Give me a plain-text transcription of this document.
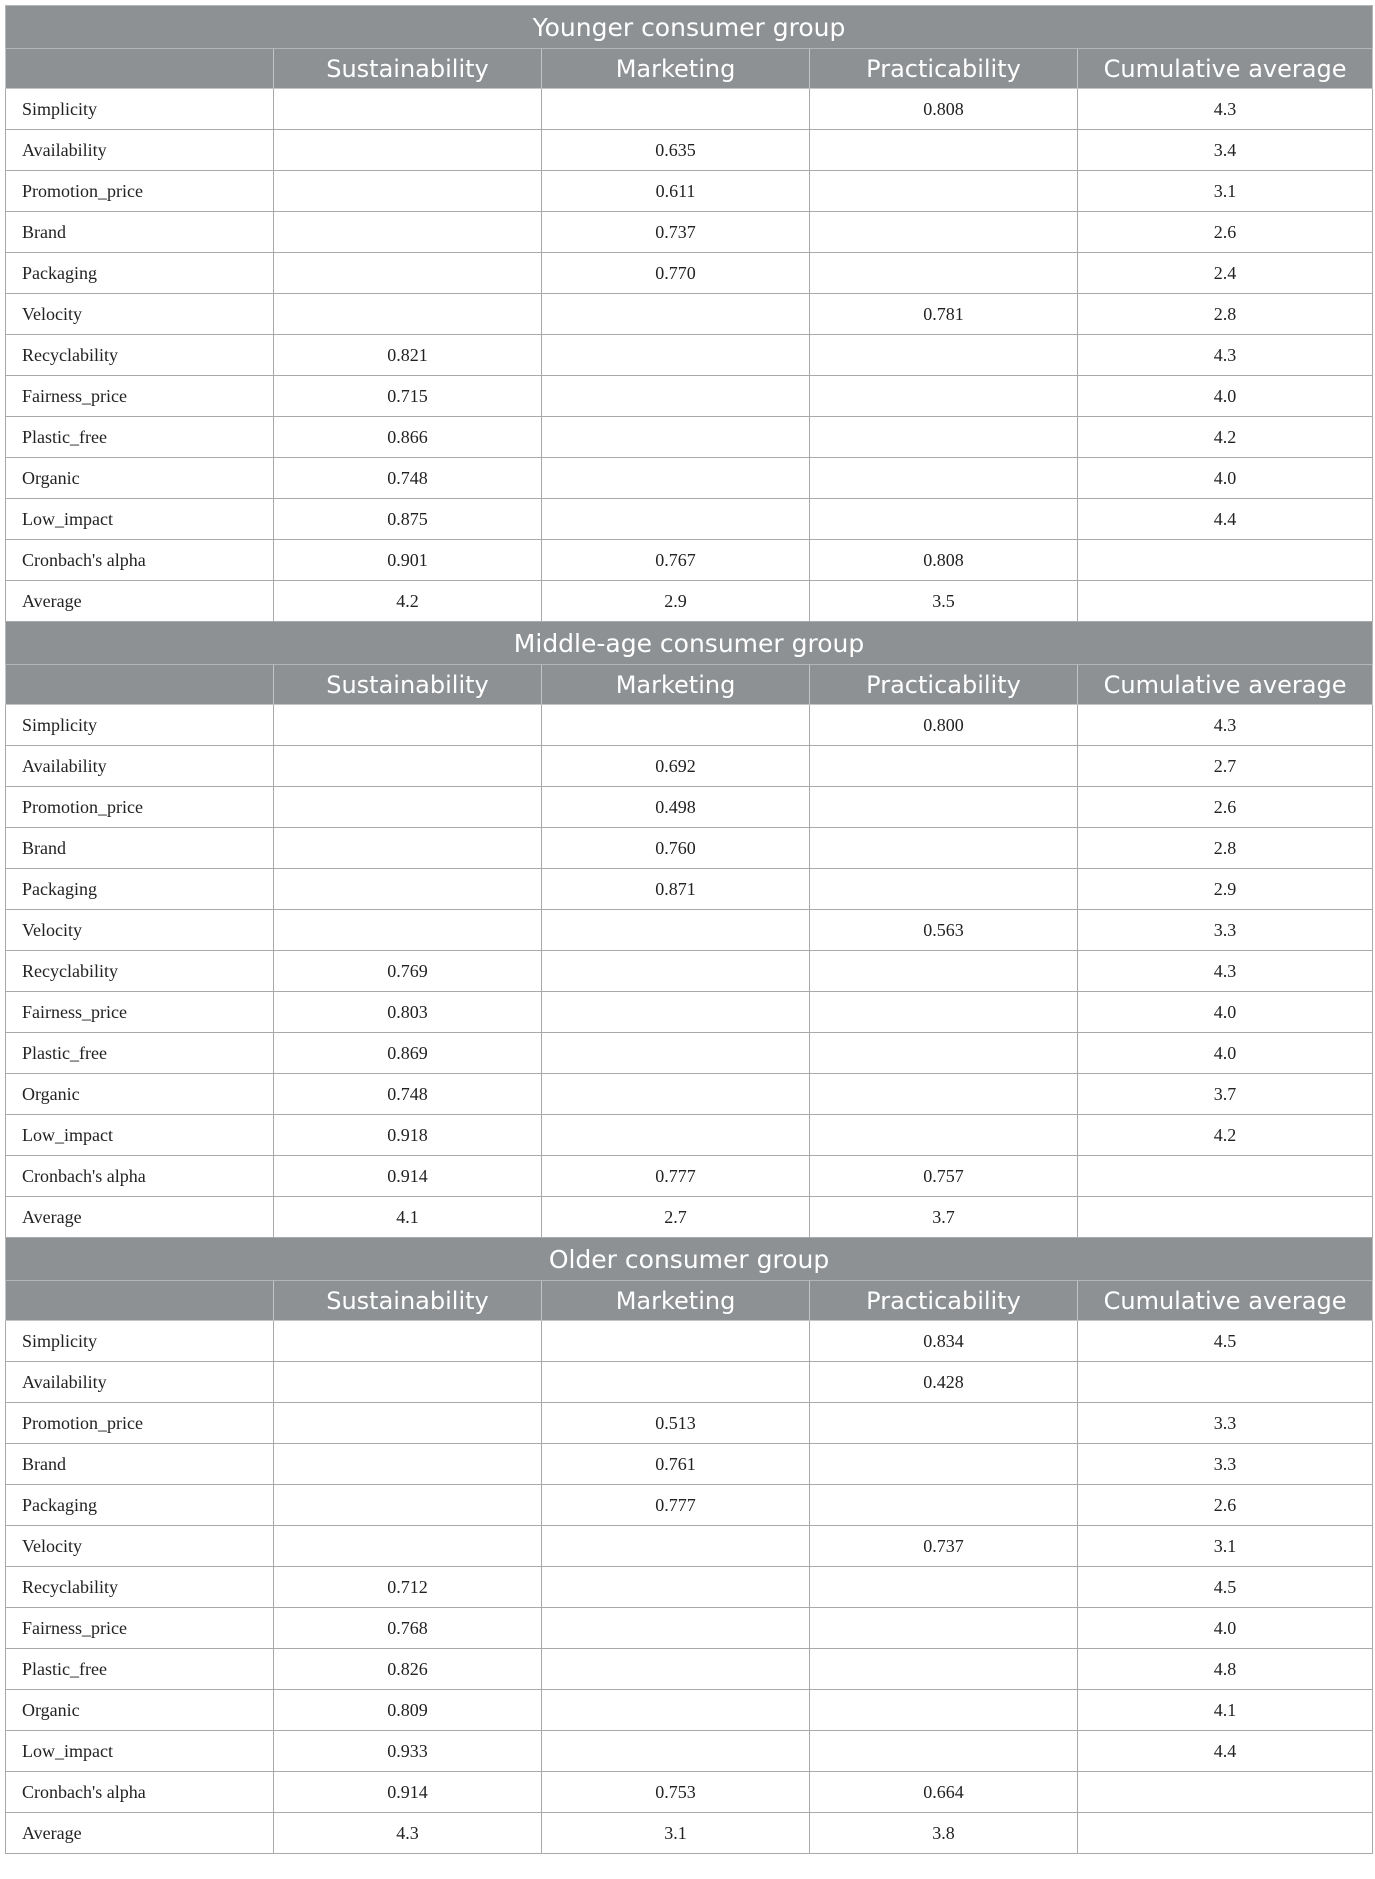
Younger consumer group				
	Sustainability	Marketing	Practicability	Cumulative average
Simplicity			0.808	4.3
Availability		0.635		3.4
Promotion_price		0.611		3.1
Brand		0.737		2.6
Packaging		0.770		2.4
Velocity			0.781	2.8
Recyclability	0.821			4.3
Fairness_price	0.715			4.0
Plastic_free	0.866			4.2
Organic	0.748			4.0
Low_impact	0.875			4.4
Cronbach's alpha	0.901	0.767	0.808	
Average	4.2	2.9	3.5	
Middle-age consumer group				
	Sustainability	Marketing	Practicability	Cumulative average
Simplicity			0.800	4.3
Availability		0.692		2.7
Promotion_price		0.498		2.6
Brand		0.760		2.8
Packaging		0.871		2.9
Velocity			0.563	3.3
Recyclability	0.769			4.3
Fairness_price	0.803			4.0
Plastic_free	0.869			4.0
Organic	0.748			3.7
Low_impact	0.918			4.2
Cronbach's alpha	0.914	0.777	0.757	
Average	4.1	2.7	3.7	
Older consumer group				
	Sustainability	Marketing	Practicability	Cumulative average
Simplicity			0.834	4.5
Availability			0.428	
Promotion_price		0.513		3.3
Brand		0.761		3.3
Packaging		0.777		2.6
Velocity			0.737	3.1
Recyclability	0.712			4.5
Fairness_price	0.768			4.0
Plastic_free	0.826			4.8
Organic	0.809			4.1
Low_impact	0.933			4.4
Cronbach's alpha	0.914	0.753	0.664	
Average	4.3	3.1	3.8	
